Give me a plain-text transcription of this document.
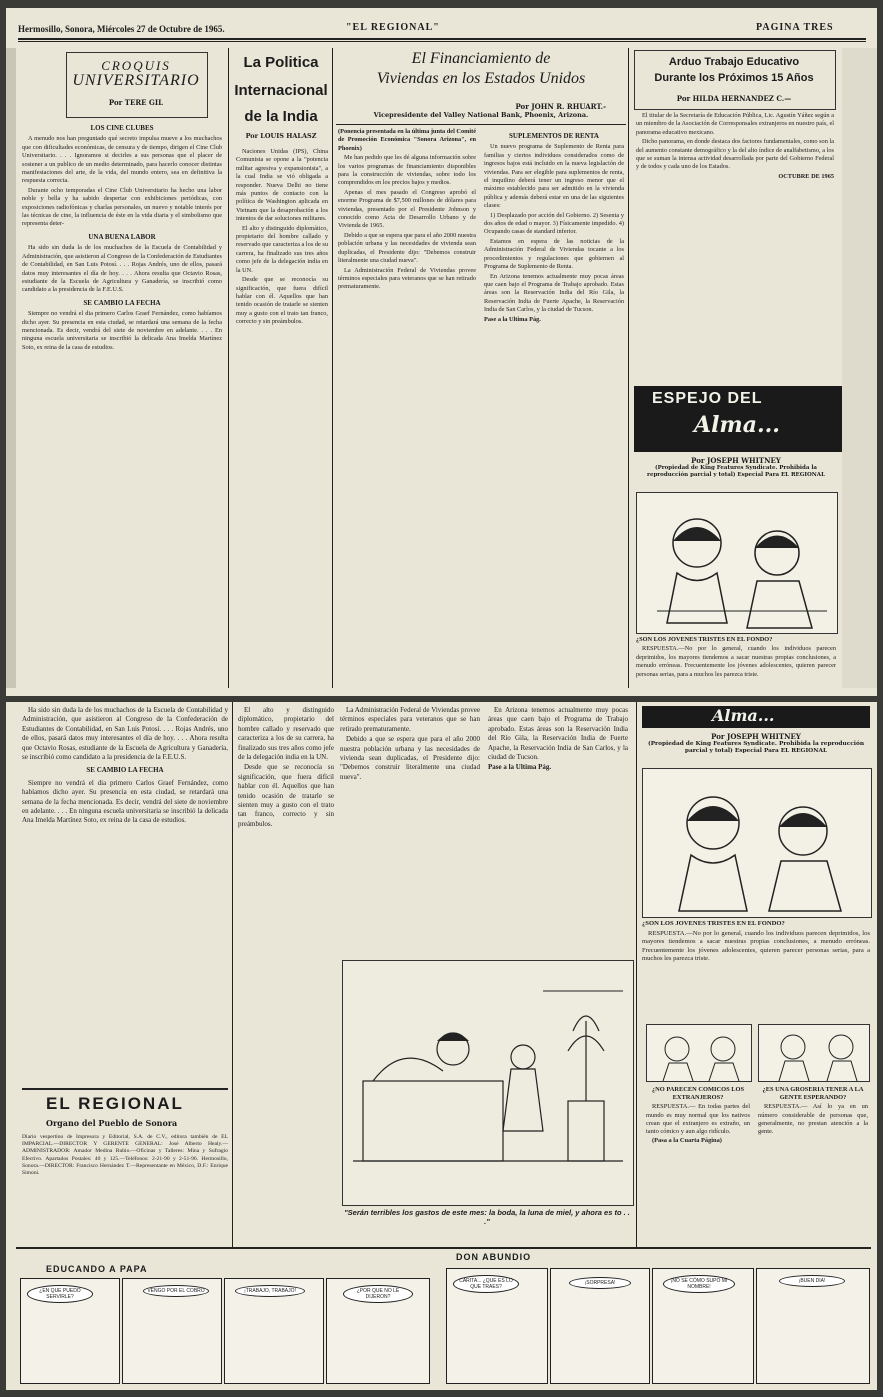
Hermosillo, Sonora, Miércoles 27 de Octubre de 1965.	"EL REGIONAL"	PAGINA TRES
CROQUIS
UNIVERSITARIO
Por TERE GIL
LOS CINE CLUBES

A menudo nos han preguntado qué secreto impulsa mueve a los muchachos que con dificultades económicas, de censura y de tiempo, dirigen el Cine Club Universitario. . . . Ignoramos si decirles a sus personas que el placer de sostener a un publico de un medio determinado, para hacerlo conocer distintas manifestaciones del arte, de la vida, del mundo entero, sea en definitiva la respuesta correcta.

Durante ocho temporadas el Cine Club Universitario ha hecho una labor noble y bella y ha sabido despertar con exhibiciones periódicas, con exposiciones radiofónicas y charlas personales, un nuevo y notable interés por las técnicas de cine, la influencia de éste en la vida diaria y el simbolismo que representa deter-

UNA BUENA LABOR

Ha sido sin duda la de los muchachos de la Escuela de Contabilidad y Administración, que asistieron al Congreso de la Confederación de Estudiantes de Contabilidad, en San Luis Potosí. . . . Rojas Andrés, uno de ellos, pasará datos muy interesantes el día de hoy. . . . Ahora resulta que Octavio Rosas, estudiante de la Escuela de Agricultura y Ganadería, se inscribió como candidato a la presidencia de la F.E.U.S.

SE CAMBIO LA FECHA

Siempre no vendrá el dia primero Carlos Graef Fernández, como habíamos dicho ayer. Su presencia en esta ciudad, se retardará una semana de la fecha mencionada. Es decir, vendrá del siete de noviembre en adelante. . . . En ninguna escuela universitaria se inscribió la delicada Ana Imelda Martínez Soto, ex reina de la casa de estudios.

La Politica
Internacional
de la India
Por LOUIS HALASZ

Naciones Unidas (IPS), China Comunista se opone a la "potencia militar agresiva y expansionista", a la cual India se vió obligada a responder. Nueva Delhi no tiene más puntos de contacto con la política de Washington aplicada en Vietnam que la desaprobación a los intentos de dar soluciones militares.

El alto y distinguido diplomático, propietario del hombre callado y reservado que caracteriza a los de su carrera, ha finalizado sus tres años como jefe de la delegación india en la UN.

Desde que se reconocía su significación, que fuera difícil hablar con él. Aquellos que han tenido ocasión de tratarle se sienten muy a gusto con el trato tan franco, correcto y sin preámbulos.

El Financiamiento de
Viviendas en los Estados Unidos
Por JOHN R. RHUART.-
Vicepresidente del Valley National Bank, Phoenix, Arizona.

(Ponencia presentada en la última junta del Comité de Promoción Económica "Sonora Arizona", en Phoenix)

Me han pedido que les dé alguna información sobre los varios programas de financiamiento disponibles para la construcción de viviendas, sobre todo los comprendidos en los precios bajos y medios.

Apenas el mes pasado el Congreso aprobó el enorme Programa de $7,500 millones de dólares para viviendas, presentado por el Presidente Johnson y conocido como Acta de Desarrollo Urbano y de Vivienda de 1965.

Debido a que se espera que para el año 2000 nuestra población urbana y las necesidades de vivienda sean duplicadas, el Presidente dijo: "Debemos construir literalmente una ciudad nueva".

La Administración Federal de Viviendas provee términos especiales para veteranos que se han retirado prematuramente.

SUPLEMENTOS DE RENTA

Un nuevo programa de Suplemento de Renta para familias y ciertos individuos considerados como de ingresos bajos está incluido en la nueva legislación de viviendas. Para ser elegible para suplementos de renta, el inquilino deberá tener un ingreso menor que el máximo establecido para ser admitido en la vivienda pública y además deberá estar en una de las siguientes clases:

1) Desplazado por acción del Gobierno. 2) Sesenta y dos años de edad o mayor. 3) Físicamente impedido. 4) Ocupando casas de standard inferior.

Estamos en espera de las noticias de la Administración Federal de Viviendas tocante a los procedimientos y regulaciones que gobiernen al Programa de Suplemento de Renta.

En Arizona tenemos actualmente muy pocas áreas que caen bajo el Programa de Trabajo aprobado. Estas áreas son la Reservación India del Río Gila, la Reservación India de Fuerte Apache, la Reservación India de San Carlos, y la ciudad de Tucson.

Pase a la Ultima Pág.

Arduo Trabajo Educativo
Durante los Próximos 15 Años
Por HILDA HERNANDEZ C.—

El titular de la Secretaría de Educación Pública, Lic. Agustín Yáñez según a un miembro de la Asociación de Corresponsales extranjeros en nuestro país, el panorama educativo mexicano.

Dicho panorama, en donde destaca dos factores fundamentales, como son la del aumento constante demográfico y la del alto índice de analfabetismo, a los que se suman la intensa actividad desarrollada por parte del Gobierno Federal y de todos y cada uno de los Estados.

OCTUBRE DE 1965

ESPEJO DEL
Alma...
Por JOSEPH WHITNEY
(Propiedad de King Features Syndicate. Prohibida la reproducción parcial y total) Especial Para EL REGIONAL

¿SON LOS JOVENES TRISTES EN EL FONDO?

RESPUESTA.—No por lo general, cuando los individuos parecen deprimidos, los mayores tiendemos a sacar nuestras propias conclusiones, a menudo erróneas. Frecuentemente los jóvenes adolescentes, quieren parecer personas serias, para a muchos les parezca triste.

Ha sido sin duda la de los muchachos de la Escuela de Contabilidad y Administración, que asistieron al Congreso de la Confederación de Estudiantes de Contabilidad, en San Luis Potosí. . . . Rojas Andrés, uno de ellos, pasará datos muy interesantes el día de hoy. . . . Ahora resulta que Octavio Rosas, estudiante de la Escuela de Agricultura y Ganadería, se inscribió como candidato a la presidencia de la F.E.U.S.

SE CAMBIO LA FECHA

Siempre no vendrá el dia primero Carlos Graef Fernández, como habíamos dicho ayer. Su presencia en esta ciudad, se retardará una semana de la fecha mencionada. Es decir, vendrá del siete de noviembre en adelante. . . . En ninguna escuela universitaria se inscribió la delicada Ana Imelda Martínez Soto, ex reina de la casa de estudios.

EL REGIONAL
Organo del Pueblo de Sonora

Diario vespertino de Impresora y Editorial, S.A. de C.V., editora también de EL IMPARCIAL.—DIRECTOR Y GERENTE GENERAL: José Alberto Healy.—ADMINISTRADOR: Amador Medina Rubio.—Oficinas y Talleres: Mina y Sufragio Efectivo. Apartados Postales: 40 y 125.—Teléfonos: 2-21-90 y 2-51-96. Hermosillo, Sonora.—DIRECTOR: Francisco Hernández T.—Representante en México, D.F.: Enrique Simoni.

El alto y distinguido diplomático, propietario del hombre callado y reservado que caracteriza a los de su carrera, ha finalizado sus tres años como jefe de la delegación india en la UN.

Desde que se reconocía su significación, que fuera difícil hablar con él. Aquellos que han tenido ocasión de tratarle se sienten muy a gusto con el trato tan franco, correcto y sin preámbulos.

La Administración Federal de Viviendas provee términos especiales para veteranos que se han retirado prematuramente.

Debido a que se espera que para el año 2000 nuestra población urbana y las necesidades de vivienda sean duplicadas, el Presidente dijo: "Debemos construir literalmente una ciudad nueva".

En Arizona tenemos actualmente muy pocas áreas que caen bajo el Programa de Trabajo aprobado. Estas áreas son la Reservación India del Río Gila, la Reservación India de Fuerte Apache, la Reservación India de San Carlos, y la ciudad de Tucson.

Pase a la Ultima Pág.

"Serán terribles los gastos de este mes: la boda, la luna de miel, y ahora es to . . ."
Alma...
Por JOSEPH WHITNEY
(Propiedad de King Features Syndicate. Prohibida la reproducción parcial y total) Especial Para EL REGIONAL

¿SON LOS JOVENES TRISTES EN EL FONDO?

RESPUESTA.—No por lo general, cuando los individuos parecen deprimidos, los mayores tiendemos a sacar nuestras propias conclusiones, a menudo erróneas. Frecuentemente los jóvenes adolescentes, quieren parecer personas serias, para a muchos les parezca triste.

¿NO PARECEN COMICOS LOS EXTRANJEROS?

RESPUESTA.— En todas partes del mundo es muy normal que los nativos crean que el extranjero es extraño, un tanto cómico y aun algo ridículo.

(Pasa a la Cuarta Página)

¿ES UNA GROSERIA TENER A LA GENTE ESPERANDO?

RESPUESTA.— Así lo ya en un número considerable de personas que, generalmente, no prestan atención a la gente.

EDUCANDO A PAPA
DON ABUNDIO
¿EN QUE PUEDO SERVIRLE?
VENGO POR EL COBRO	¡TRABAJO, TRABAJO!	¿POR QUE NO LE DIJERON?
CARITA... ¿QUE ES LO QUE TRAES?
¡SORPRESA!	¡NO SE CÓMO SUPO MI NOMBRE!
¡BUEN DIA!
